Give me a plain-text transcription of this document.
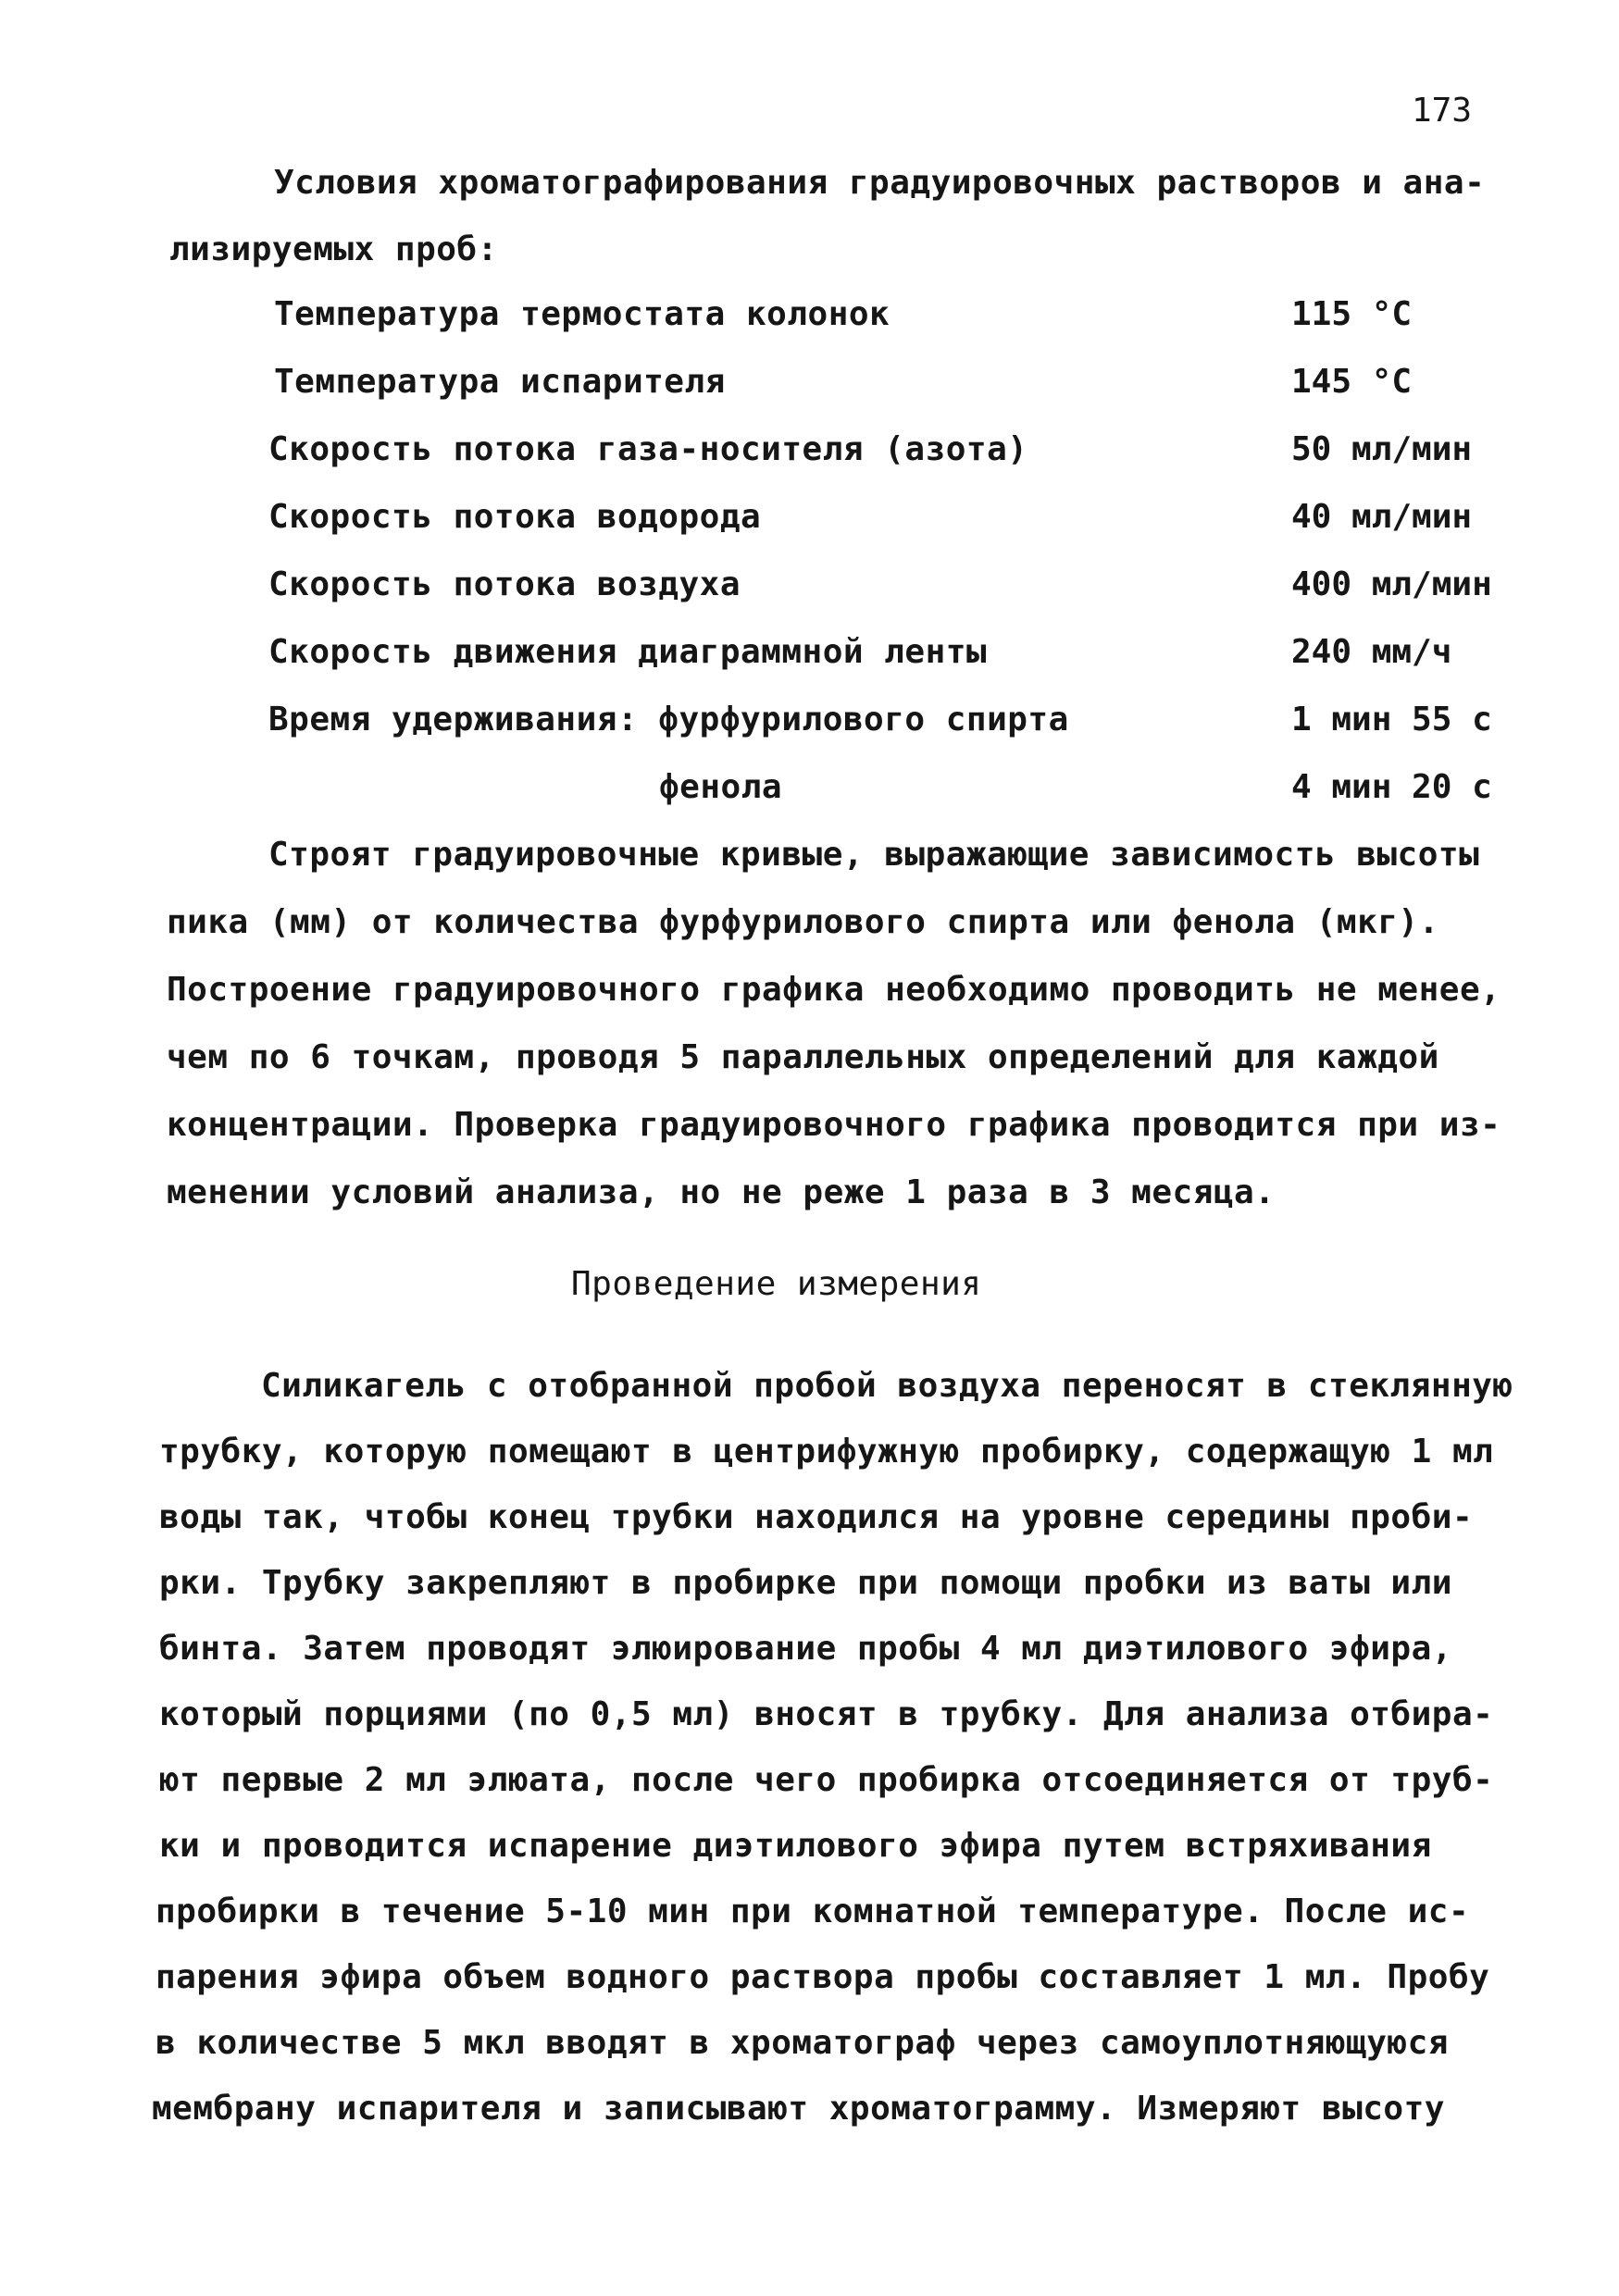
173
Условия хроматографирования градуировочных растворов и ана-
лизируемых проб:
Температура термостата колонок	115 °C
Температура испарителя	145 °C
Скорость потока газа-носителя (азота)	50 мл/мин
Скорость потока водорода	40 мл/мин
Скорость потока воздуха	400 мл/мин
Скорость движения диаграммной ленты	240 мм/ч
Время удерживания: фурфурилового спирта	1 мин 55 с
фенола	4 мин 20 с
Строят градуировочные кривые, выражающие зависимость высоты
пика (мм) от количества фурфурилового спирта или фенола (мкг).
Построение градуировочного графика необходимо проводить не менее,
чем по 6 точкам, проводя 5 параллельных определений для каждой
концентрации. Проверка градуировочного графика проводится при из-
менении условий анализа, но не реже 1 раза в 3 месяца.
Проведение измерения
Силикагель с отобранной пробой воздуха переносят в стеклянную
трубку, которую помещают в центрифужную пробирку, содержащую 1 мл
воды так, чтобы конец трубки находился на уровне середины проби-
рки. Трубку закрепляют в пробирке при помощи пробки из ваты или
бинта. Затем проводят элюирование пробы 4 мл диэтилового эфира,
который порциями (по 0,5 мл) вносят в трубку. Для анализа отбира-
ют первые 2 мл элюата, после чего пробирка отсоединяется от труб-
ки и проводится испарение диэтилового эфира путем встряхивания
пробирки в течение 5-10 мин при комнатной температуре. После ис-
парения эфира объем водного раствора пробы составляет 1 мл. Пробу
в количестве 5 мкл вводят в хроматограф через самоуплотняющуюся
мембрану испарителя и записывают хроматограмму. Измеряют высоту
